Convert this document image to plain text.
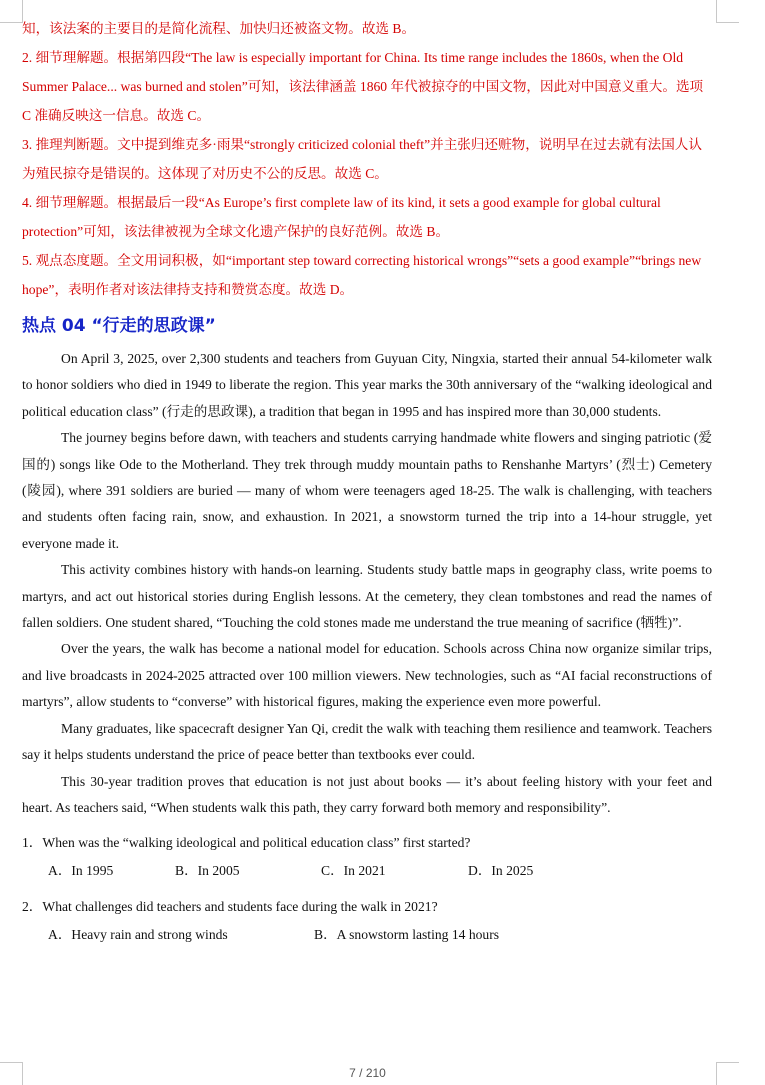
知，该法案的主要目的是简化流程、加快归还被盗文物。故选 B。

2. 细节理解题。根据第四段“The law is especially important for China. Its time range includes the 1860s, when the Old Summer Palace... was burned and stolen”可知，该法律涵盖 1860 年代被掠夺的中国文物，因此对中国意义重大。选项 C 准确反映这一信息。故选 C。

3. 推理判断题。文中提到维克多·雨果“strongly criticized colonial theft”并主张归还赃物，说明早在过去就有法国人认为殖民掠夺是错误的。这体现了对历史不公的反思。故选 C。

4. 细节理解题。根据最后一段“As Europe’s first complete law of its kind, it sets a good example for global cultural protection”可知，该法律被视为全球文化遗产保护的良好范例。故选 B。

5. 观点态度题。全文用词积极，如“important step toward correcting historical wrongs”“sets a good example”“brings new hope”，表明作者对该法律持支持和赞赏态度。故选 D。

热点 04 “行走的思政课”

On April 3, 2025, over 2,300 students and teachers from Guyuan City, Ningxia, started their annual 54-kilometer walk to honor soldiers who died in 1949 to liberate the region. This year marks the 30th anniversary of the “walking ideological and political education class” (行走的思政课), a tradition that began in 1995 and has inspired more than 30,000 students.

The journey begins before dawn, with teachers and students carrying handmade white flowers and singing patriotic (爱国的) songs like Ode to the Motherland. They trek through muddy mountain paths to Renshanhe Martyrs’ (烈士) Cemetery (陵园), where 391 soldiers are buried — many of whom were teenagers aged 18-25. The walk is challenging, with teachers and students often facing rain, snow, and exhaustion. In 2021, a snowstorm turned the trip into a 14-hour struggle, yet everyone made it.

This activity combines history with hands-on learning. Students study battle maps in geography class, write poems to martyrs, and act out historical stories during English lessons. At the cemetery, they clean tombstones and read the names of fallen soldiers. One student shared, “Touching the cold stones made me understand the true meaning of sacrifice (牺牲)”.

Over the years, the walk has become a national model for education. Schools across China now organize similar trips, and live broadcasts in 2024-2025 attracted over 100 million viewers. New technologies, such as “AI facial reconstructions of martyrs”, allow students to “converse” with historical figures, making the experience even more powerful.

Many graduates, like spacecraft designer Yan Qi, credit the walk with teaching them resilience and teamwork. Teachers say it helps students understand the price of peace better than textbooks ever could.

This 30-year tradition proves that education is not just about books — it’s about feeling history with your feet and heart. As teachers said, “When students walk this path, they carry forward both memory and responsibility”.

1．When was the “walking ideological and political education class” first started?

A．In 1995	B．In 2005	C．In 2021	D．In 2025

2．What challenges did teachers and students face during the walk in 2021?

A．Heavy rain and strong winds	B．A snowstorm lasting 14 hours
7 / 210
